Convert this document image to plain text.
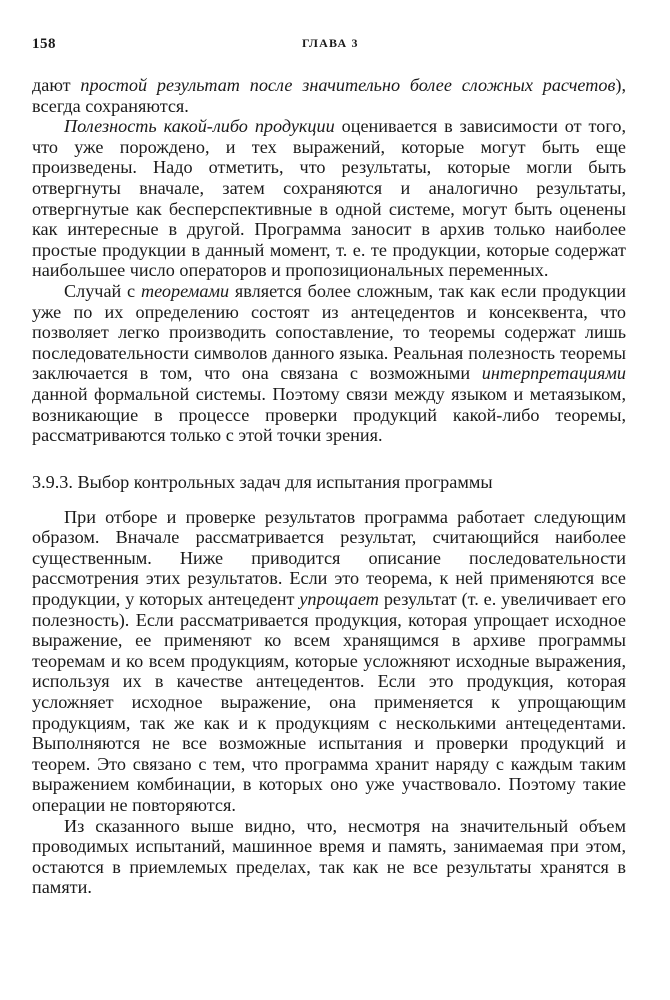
158	ГЛАВА 3

дают простой результат после значительно более сложных расчетов), всегда сохраняются.

Полезность какой-либо продукции оценивается в зависимости от того, что уже порождено, и тех выражений, которые могут быть еще произведены. Надо отметить, что результаты, которые могли быть отвергнуты вначале, затем сохраняются и аналогично результаты, отвергнутые как бесперспективные в одной системе, могут быть оценены как интересные в другой. Программа заносит в архив только наиболее простые продукции в данный момент, т. е. те продукции, которые содержат наибольшее число операторов и пропозициональных переменных.

Случай с теоремами является более сложным, так как если продукции уже по их определению состоят из антецедентов и консеквента, что позволяет легко производить сопоставление, то теоремы содержат лишь последовательности символов данного языка. Реальная полезность теоремы заключается в том, что она связана с возможными интерпретациями данной формальной системы. Поэтому связи между языком и метаязыком, возникающие в процессе проверки продукций какой-либо теоремы, рассматриваются только с этой точки зрения.

3.9.3. Выбор контрольных задач для испытания программы

При отборе и проверке результатов программа работает следующим образом. Вначале рассматривается результат, считающийся наиболее существенным. Ниже приводится описание последовательности рассмотрения этих результатов. Если это теорема, к ней применяются все продукции, у которых антецедент упрощает результат (т. е. увеличивает его полезность). Если рассматривается продукция, которая упрощает исходное выражение, ее применяют ко всем хранящимся в архиве программы теоремам и ко всем продукциям, которые усложняют исходные выражения, используя их в качестве антецедентов. Если это продукция, которая усложняет исходное выражение, она применяется к упрощающим продукциям, так же как и к продукциям с несколькими антецедентами. Выполняются не все возможные испытания и проверки продукций и теорем. Это связано с тем, что программа хранит наряду с каждым таким выражением комбинации, в которых оно уже участвовало. Поэтому такие операции не повторяются.

Из сказанного выше видно, что, несмотря на значительный объем проводимых испытаний, машинное время и память, занимаемая при этом, остаются в приемлемых пределах, так как не все результаты хранятся в памяти.
